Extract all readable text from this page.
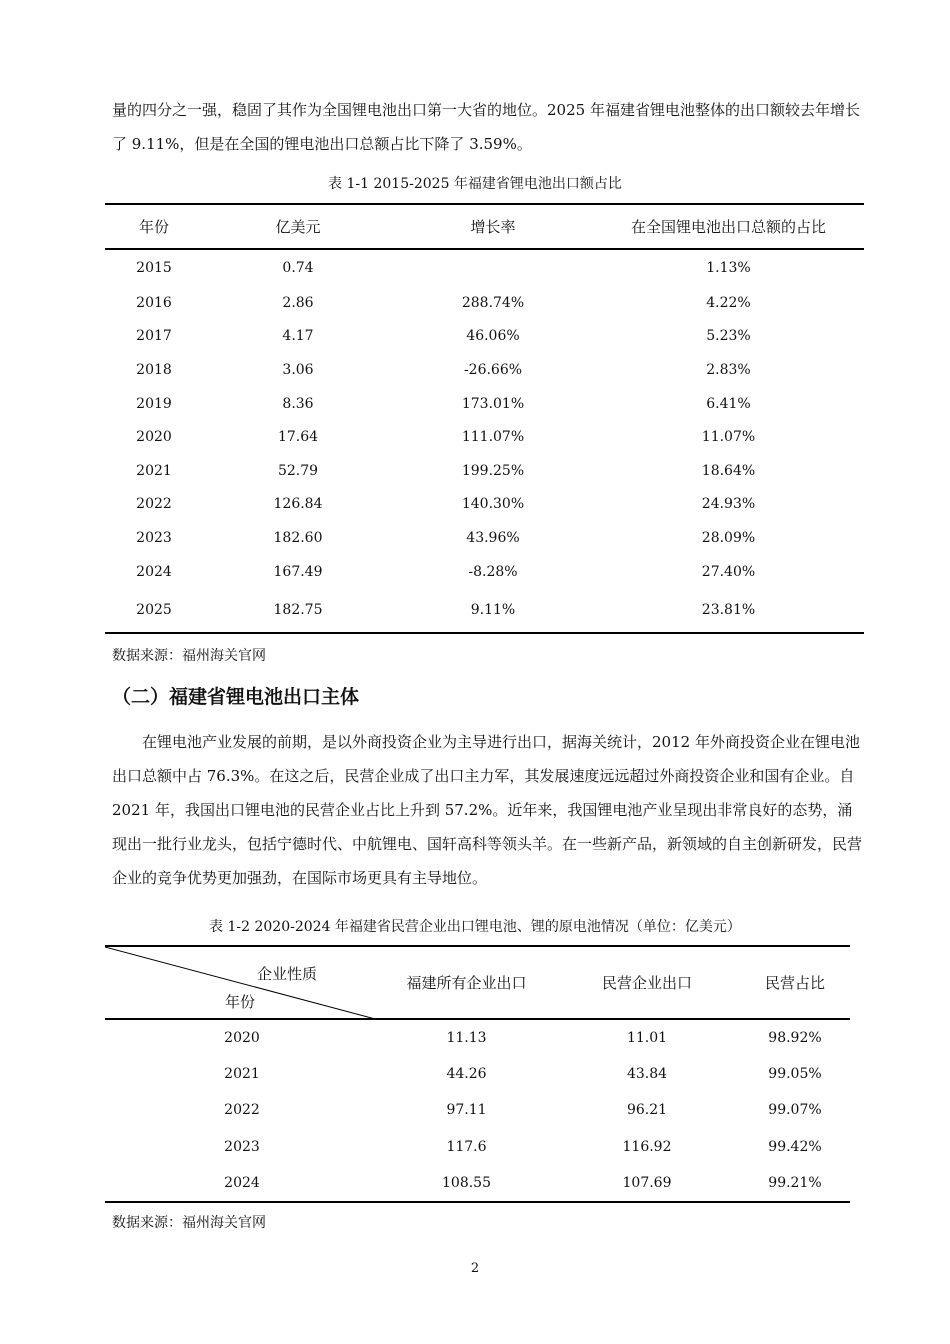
量的四分之一强，稳固了其作为全国锂电池出口第一大省的地位。2025 年福建省锂电池整体的出口额较去年增长了 9.11%，但是在全国的锂电池出口总额占比下降了 3.59%。

表 1-1 2015-2025 年福建省锂电池出口额占比
年份	亿美元	增长率	在全国锂电池出口总额的占比
2015	0.74		1.13%
2016	2.86	288.74%	4.22%
2017	4.17	46.06%	5.23%
2018	3.06	-26.66%	2.83%
2019	8.36	173.01%	6.41%
2020	17.64	111.07%	11.07%
2021	52.79	199.25%	18.64%
2022	126.84	140.30%	24.93%
2023	182.60	43.96%	28.09%
2024	167.49	-8.28%	27.40%
2025	182.75	9.11%	23.81%
数据来源：福州海关官网
（二）福建省锂电池出口主体

在锂电池产业发展的前期，是以外商投资企业为主导进行出口，据海关统计，2012 年外商投资企业在锂电池出口总额中占 76.3%。在这之后，民营企业成了出口主力军，其发展速度远远超过外商投资企业和国有企业。自 2021 年，我国出口锂电池的民营企业占比上升到 57.2%。近年来，我国锂电池产业呈现出非常良好的态势，涌现出一批行业龙头，包括宁德时代、中航锂电、国轩高科等领头羊。在一些新产品，新领域的自主创新研发，民营企业的竞争优势更加强劲，在国际市场更具有主导地位。

表 1-2 2020-2024 年福建省民营企业出口锂电池、锂的原电池情况（单位：亿美元）
企业性质
年份	福建所有企业出口	民营企业出口	民营占比
2020	11.13	11.01	98.92%
2021	44.26	43.84	99.05%
2022	97.11	96.21	99.07%
2023	117.6	116.92	99.42%
2024	108.55	107.69	99.21%
数据来源：福州海关官网
2
